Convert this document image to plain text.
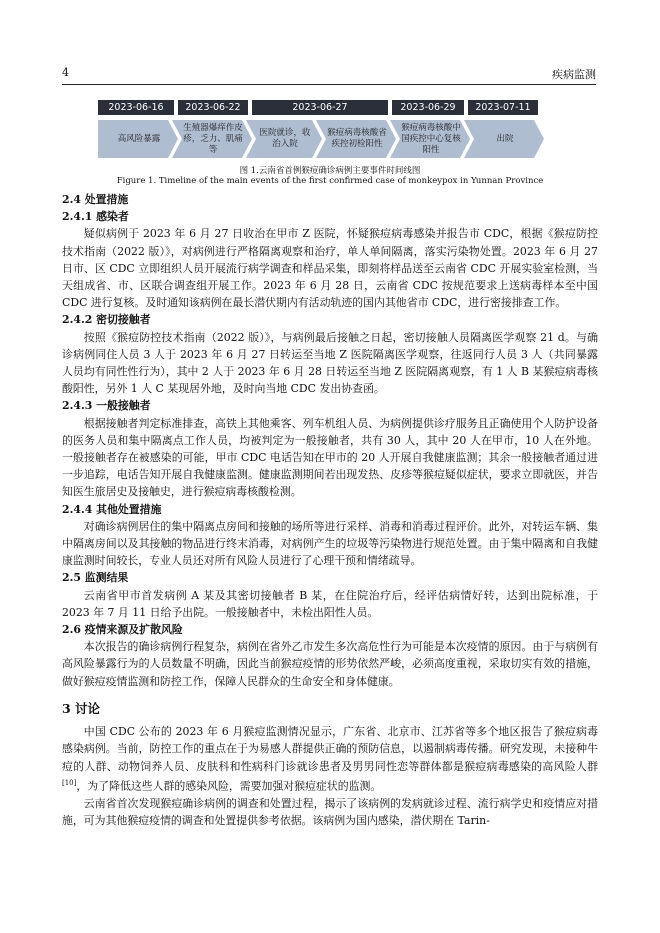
4	疾病监测
2023-06-16	2023-06-22	2023-06-27	2023-06-29	2023-07-11
高风险暴露
生殖器爆痒作皮疹，乏力、肌痛等
医院就诊，收治入院
猴痘病毒核酸省疾控初检阳性
猴痘病毒核酸中国疾控中心复核阳性
出院
图 1.云南省首例猴痘确诊病例主要事件时间线图
Figure 1. Timeline of the main events of the first confirmed case of monkeypox in Yunnan Province
2.4 处置措施
2.4.1 感染者
疑似病例于 2023 年 6 月 27 日收治在甲市 Z 医院，怀疑猴痘病毒感染并报告市 CDC，根据《猴痘防控技术指南（2022 版）》，对病例进行严格隔离观察和治疗，单人单间隔离，落实污染物处置。2023 年 6 月 27 日市、区 CDC 立即组织人员开展流行病学调查和样品采集，即刻将样品送至云南省 CDC 开展实验室检测，当天组成省、市、区联合调查组开展工作。2023 年 6 月 28 日，云南省 CDC 按规范要求上送病毒样本至中国 CDC 进行复核。及时通知该病例在最长潜伏期内有活动轨迹的国内其他省市 CDC，进行密接排查工作。
2.4.2 密切接触者
按照《猴痘防控技术指南（2022 版）》，与病例最后接触之日起，密切接触人员隔离医学观察 21 d。与确诊病例同住人员 3 人于 2023 年 6 月 27 日转运至当地 Z 医院隔离医学观察，往返同行人员 3 人（共同暴露人员均有同性性行为），其中 2 人于 2023 年 6 月 28 日转运至当地 Z 医院隔离观察，有 1 人 B 某猴痘病毒核酸阳性，另外 1 人 C 某现居外地，及时向当地 CDC 发出协查函。
2.4.3 一般接触者
根据接触者判定标准排查，高铁上其他乘客、列车机组人员、为病例提供诊疗服务且正确使用个人防护设备的医务人员和集中隔离点工作人员，均被判定为一般接触者，共有 30 人，其中 20 人在甲市，10 人在外地。一般接触者存在被感染的可能，甲市 CDC 电话告知在甲市的 20 人开展自我健康监测；其余一般接触者通过进一步追踪，电话告知开展自我健康监测。健康监测期间若出现发热、皮疹等猴痘疑似症状，要求立即就医，并告知医生旅居史及接触史，进行猴痘病毒核酸检测。
2.4.4 其他处置措施
对确诊病例居住的集中隔离点房间和接触的场所等进行采样、消毒和消毒过程评价。此外，对转运车辆、集中隔离房间以及其接触的物品进行终末消毒，对病例产生的垃圾等污染物进行规范处置。由于集中隔离和自我健康监测时间较长，专业人员还对所有风险人员进行了心理干预和情绪疏导。
2.5 监测结果
云南省甲市首发病例 A 某及其密切接触者 B 某，在住院治疗后，经评估病情好转，达到出院标准，于 2023 年 7 月 11 日给予出院。一般接触者中，未检出阳性人员。
2.6 疫情来源及扩散风险
本次报告的确诊病例行程复杂，病例在省外乙市发生多次高危性行为可能是本次疫情的原因。由于与病例有高风险暴露行为的人员数量不明确，因此当前猴痘疫情的形势依然严峻，必须高度重视，采取切实有效的措施，做好猴痘疫情监测和防控工作，保障人民群众的生命安全和身体健康。
3 讨论
中国 CDC 公布的 2023 年 6 月猴痘监测情况显示，广东省、北京市、江苏省等多个地区报告了猴痘病毒感染病例。当前，防控工作的重点在于为易感人群提供正确的预防信息，以遏制病毒传播。研究发现，未接种牛痘的人群、动物饲养人员、皮肤科和性病科门诊就诊患者及男男同性恋等群体都是猴痘病毒感染的高风险人群[10]，为了降低这些人群的感染风险，需要加强对猴痘症状的监测。
云南省首次发现猴痘确诊病例的调查和处置过程，揭示了该病例的发病就诊过程、流行病学史和疫情应对措施，可为其他猴痘疫情的调查和处置提供参考依据。该病例为国内感染，潜伏期在 Tarin-
